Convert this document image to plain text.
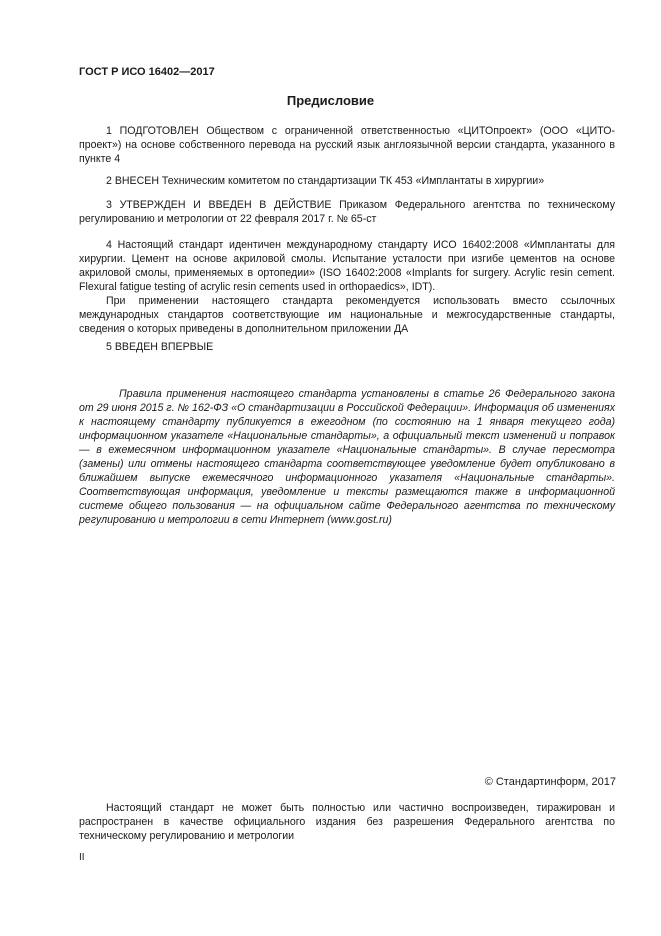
ГОСТ Р ИСО 16402—2017
Предисловие

1 ПОДГОТОВЛЕН Обществом с ограниченной ответственностью «ЦИТОпроект» (ООО «ЦИТО-проект») на основе собственного перевода на русский язык англоязычной версии стандарта, указанного в пункте 4

2 ВНЕСЕН Техническим комитетом по стандартизации ТК 453 «Имплантаты в хирургии»

3 УТВЕРЖДЕН И ВВЕДЕН В ДЕЙСТВИЕ Приказом Федерального агентства по техническому регулированию и метрологии от 22 февраля 2017 г. № 65-ст

4 Настоящий стандарт идентичен международному стандарту ИСО 16402:2008 «Имплантаты для хирургии. Цемент на основе акриловой смолы. Испытание усталости при изгибе цементов на основе акриловой смолы, применяемых в ортопедии» (ISO 16402:2008 «Implants for surgery. Acrylic resin cement. Flexural fatigue testing of acrylic resin cements used in orthopaedics», IDT).

При применении настоящего стандарта рекомендуется использовать вместо ссылочных международных стандартов соответствующие им национальные и межгосударственные стандарты, сведения о которых приведены в дополнительном приложении ДА

5 ВВЕДЕН ВПЕРВЫЕ

Правила применения настоящего стандарта установлены в статье 26 Федерального закона от 29 июня 2015 г. № 162-ФЗ «О стандартизации в Российской Федерации». Информация об изменениях к настоящему стандарту публикуется в ежегодном (по состоянию на 1 января текущего года) информационном указателе «Национальные стандарты», а официальный текст изменений и поправок — в ежемесячном информационном указателе «Национальные стандарты». В случае пересмотра (замены) или отмены настоящего стандарта соответствующее уведомление будет опубликовано в ближайшем выпуске ежемесячного информационного указателя «Национальные стандарты». Соответствующая информация, уведомление и тексты размещаются также в информационной системе общего пользования — на официальном сайте Федерального агентства по техническому регулированию и метрологии в сети Интернет (www.gost.ru)

© Стандартинформ, 2017

Настоящий стандарт не может быть полностью или частично воспроизведен, тиражирован и распространен в качестве официального издания без разрешения Федерального агентства по техническому регулированию и метрологии

II
